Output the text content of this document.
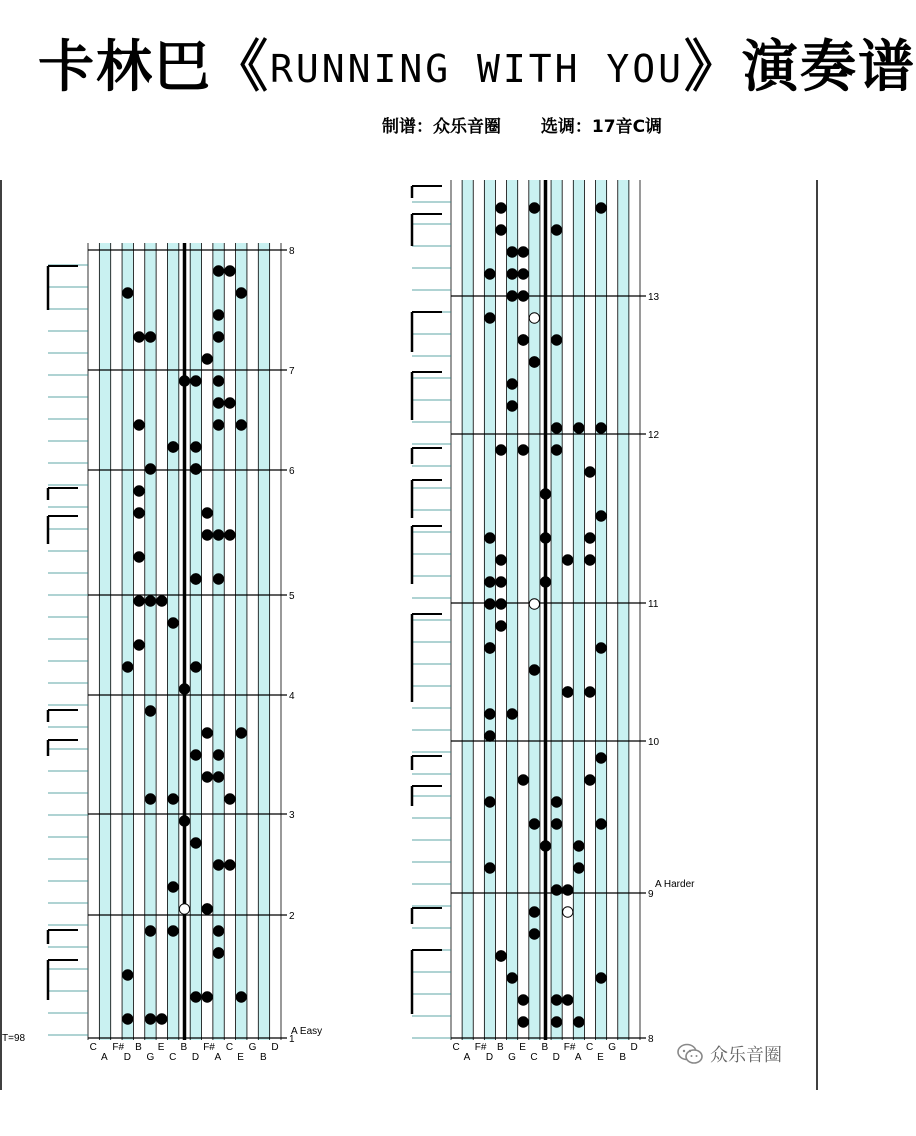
卡林巴《RUNNING WITH YOU》演奏谱
制谱：众乐音圈 选调：17音C调
8
7
6
5
4
3
2
1
C
A
F#
D
B
G
E
C
B
D
F#
A
C
E
G
B
D
13
12
11
10
9
8
C
A
F#
D
B
G
E
C
B
D
F#
A
C
E
G
B
D
T=98
A Easy
A Harder
众乐音圈
